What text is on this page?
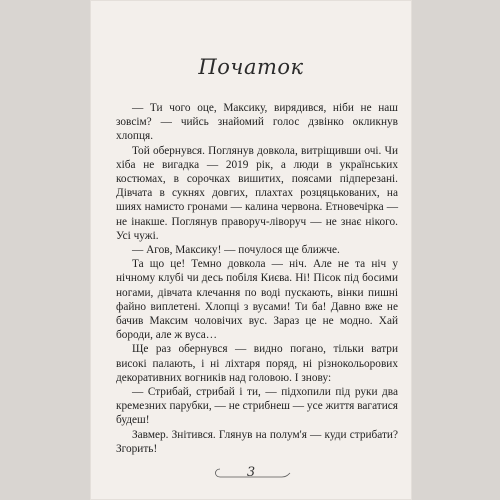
Початок

— Ти чого оце, Максику, вирядився, ніби не наш зовсім? — чийсь знайомий голос дзвінко окликнув хлопця.

Той обернувся. Поглянув довкола, витріщивши очі. Чи хіба не вигадка — 2019 рік, а люди в українських костюмах, в сорочках вишитих, поясами підперезані. Дівчата в сукнях довгих, плахтах розцяцькованих, на шиях намисто гронами — калина червона. Етновечірка — не інакше. Поглянув праворуч-ліворуч — не знає нікого. Усі чужі.

— Агов, Максику! — почулося ще ближче.

Та що це! Темно довкола — ніч. Але не та ніч у нічному клубі чи десь побіля Києва. Ні! Пісок під босими ногами, дівчата клечання по воді пускають, вінки пишні файно виплетені. Хлопці з вусами! Ти ба! Давно вже не бачив Максим чоловічих вус. Зараз це не модно. Хай бороди, але ж вуса…

Ще раз обернувся — видно погано, тільки ватри високі палають, і ні ліхтаря поряд, ні різнокольорових декоративних вогників над головою. І знову:

— Стрибай, стрибай і ти, — підхопили під руки два кремезних парубки, — не стрибнеш — усе життя вагатися будеш!

Завмер. Знітився. Глянув на полум'я — куди стрибати? Згорить!

3
